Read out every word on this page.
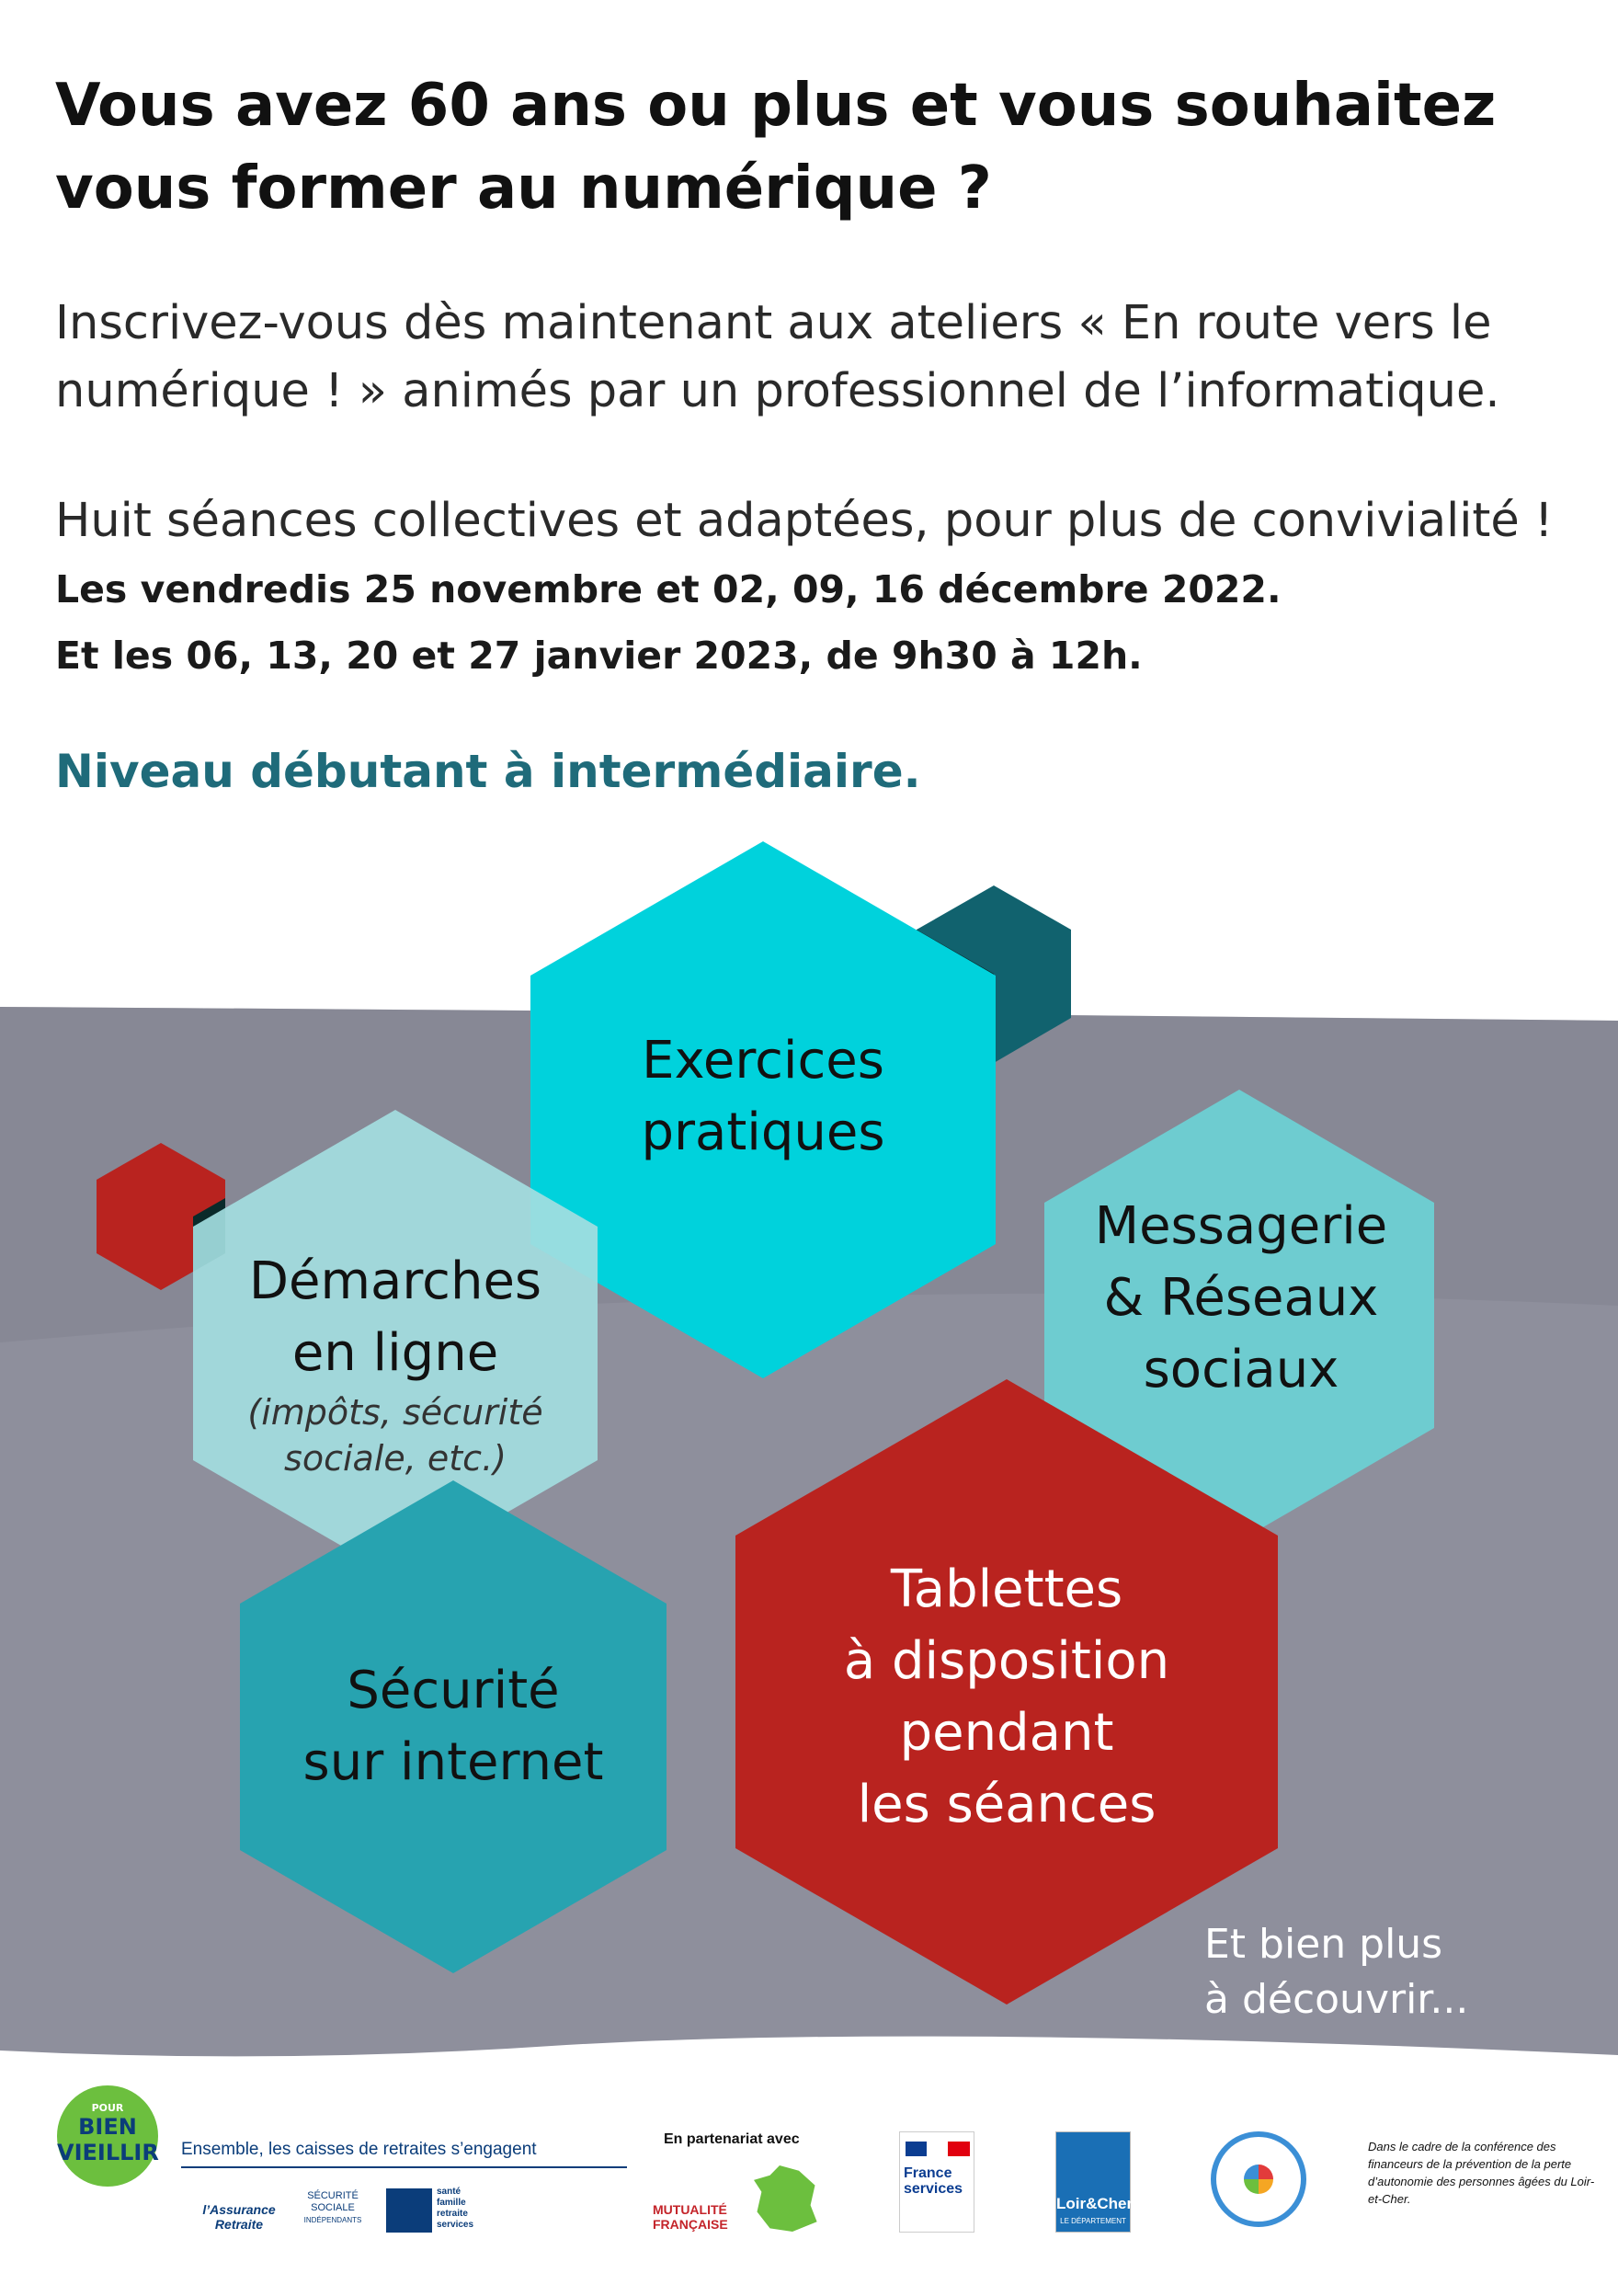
Vous avez 60 ans ou plus et vous souhaitez
vous former au numérique ?
Inscrivez-vous dès maintenant aux ateliers « En route vers le
numérique ! » animés par un professionnel de l’informatique.
Huit séances collectives et adaptées, pour plus de convivialité !
Les vendredis 25 novembre et 02, 09, 16 décembre 2022.
Et les 06, 13, 20 et 27 janvier 2023, de 9h30 à 12h.
Niveau débutant à intermédiaire.
Exercices
pratiques
Démarches
en ligne
(impôts, sécurité
sociale, etc.)
Messagerie
& Réseaux
sociaux
Sécurité
sur internet
Tablettes
à disposition
pendant
les séances
Et bien plus
à découvrir...
POUR
BIEN
VIEILLIR Ensemble, les caisses de retraites s’engagent
l’Assurance Retraite
SÉCURITÉ
SOCIALE
INDÉPENDANTS
santé
famille
retraite
services
En partenariat avec
MUTUALITÉ
FRANÇAISE
France
services
Loir&Cher
LE DÉPARTEMENT
Dans le cadre de la conférence des financeurs de la prévention de la perte d’autonomie des personnes âgées du Loir-et-Cher.
